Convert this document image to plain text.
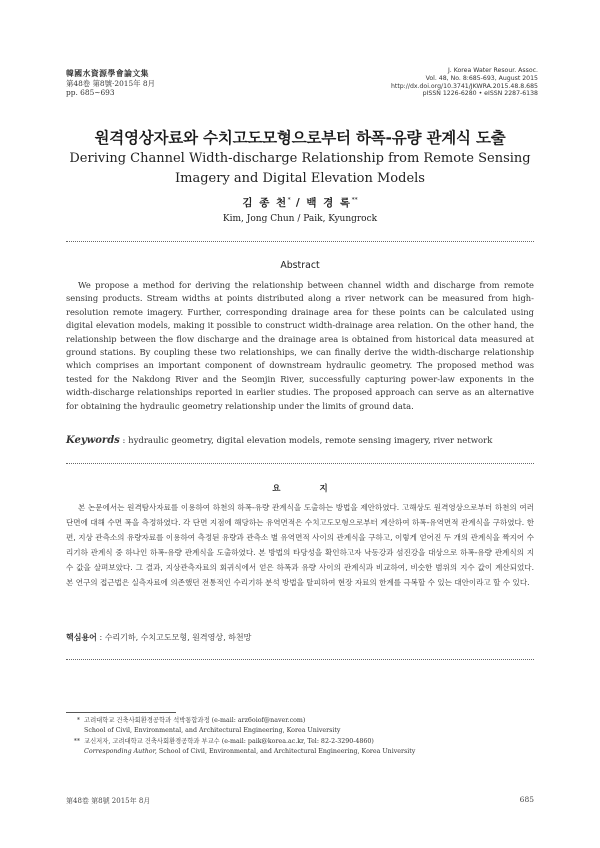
韓國水資源學會論文集
第48卷 第8號·2015年 8月
pp. 685~693
J. Korea Water Resour. Assoc.
Vol. 48, No. 8:685-693, August 2015
http://dx.doi.org/10.3741/JKWRA.2015.48.8.685
pISSN 1226-6280 • eISSN 2287-6138
원격영상자료와 수치고도모형으로부터 하폭-유량 관계식 도출
Deriving Channel Width-discharge Relationship from Remote Sensing Imagery and Digital Elevation Models
김 종 천* / 백 경 록**
Kim, Jong Chun / Paik, Kyungrock
Abstract

We propose a method for deriving the relationship between channel width and discharge from remote sensing products. Stream widths at points distributed along a river network can be measured from high-resolution remote imagery. Further, corresponding drainage area for these points can be calculated using digital elevation models, making it possible to construct width-drainage area relation. On the other hand, the relationship between the flow discharge and the drainage area is obtained from historical data measured at ground stations. By coupling these two relationships, we can finally derive the width-discharge relationship which comprises an important component of downstream hydraulic geometry. The proposed method was tested for the Nakdong River and the Seomjin River, successfully capturing power-law exponents in the width-discharge relationships reported in earlier studies. The proposed approach can serve as an alternative for obtaining the hydraulic geometry relationship under the limits of ground data.

Keywords : hydraulic geometry, digital elevation models, remote sensing imagery, river network
요 지

본 논문에서는 원격탐사자료를 이용하여 하천의 하폭-유량 관계식을 도출하는 방법을 제안하였다. 고해상도 원격영상으로부터 하천의 여러 단면에 대해 수면 폭을 측정하였다. 각 단면 지점에 해당하는 유역면적은 수치고도모형으로부터 계산하여 하폭-유역면적 관계식을 구하였다. 한편, 지상 관측소의 유량자료를 이용하여 측정된 유량과 관측소 별 유역면적 사이의 관계식을 구하고, 이렇게 얻어진 두 개의 관계식을 짝지어 수리기하 관계식 중 하나인 하폭-유량 관계식을 도출하였다. 본 방법의 타당성을 확인하고자 낙동강과 섬진강을 대상으로 하폭-유량 관계식의 지수 값을 살펴보았다. 그 결과, 지상관측자료의 회귀식에서 얻은 하폭과 유량 사이의 관계식과 비교하여, 비슷한 범위의 지수 값이 계산되었다. 본 연구의 접근법은 실측자료에 의존했던 전통적인 수리기하 분석 방법을 탈피하여 현장 자료의 한계를 극복할 수 있는 대안이라고 할 수 있다.

핵심용어 : 수리기하, 수치고도모형, 원격영상, 하천망
* 고려대학교 건축사회환경공학과 석박통합과정 (e-mail: arz6oiof@naver.com)
School of Civil, Environmental, and Architectural Engineering, Korea University
** 교신저자, 고려대학교 건축사회환경공학과 부교수 (e-mail: paik@korea.ac.kr, Tel: 82-2-3290-4860)
Corresponding Author, School of Civil, Environmental, and Architectural Engineering, Korea University
第48卷 第8號 2015年 8月	685
